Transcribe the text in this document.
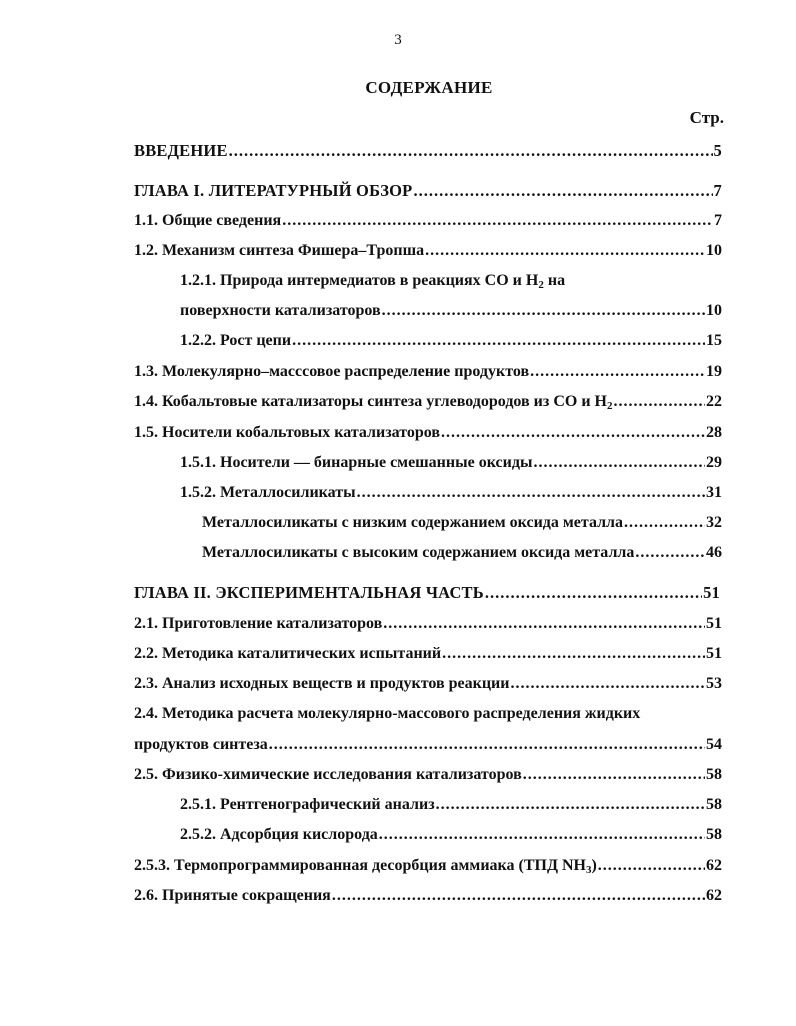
3
СОДЕРЖАНИЕ
Стр.
ВВЕДЕНИЕ .....	5
ГЛАВА I. ЛИТЕРАТУРНЫЙ ОБЗОР .....	7
1.1. Общие сведения .....	7
1.2. Механизм синтеза Фишера–Тропша .....	10
1.2.1. Природа интермедиатов в реакциях CO и $H_2$ на
поверхности катализаторов .....	10
1.2.2. Рост цепи .....	15
1.3. Молекулярно–масссовое распределение продуктов .....	19
1.4. Кобальтовые катализаторы синтеза углеводородов из CO и $H_2$ .....	22
1.5. Носители кобальтовых катализаторов .....	28
1.5.1. Носители — бинарные смешанные оксиды .....	29
1.5.2. Металлосиликаты .....	31
Металлосиликаты с низким содержанием оксида металла .....	32
Металлосиликаты с высоким содержанием оксида металла .....	46
ГЛАВА II. ЭКСПЕРИМЕНТАЛЬНАЯ ЧАСТЬ .....	51
2.1. Приготовление катализаторов .....	51
2.2. Методика каталитических испытаний .....	51
2.3. Анализ исходных веществ и продуктов реакции .....	53
2.4. Методика расчета молекулярно-массового распределения жидких
продуктов синтеза .....	54
2.5. Физико-химические исследования катализаторов .....	58
2.5.1. Рентгенографический анализ .....	58
2.5.2. Адсорбция кислорода .....	58
2.5.3. Термопрограммированная десорбция аммиака (ТПД $NH_3$) .....	62
2.6. Принятые сокращения .....	62
